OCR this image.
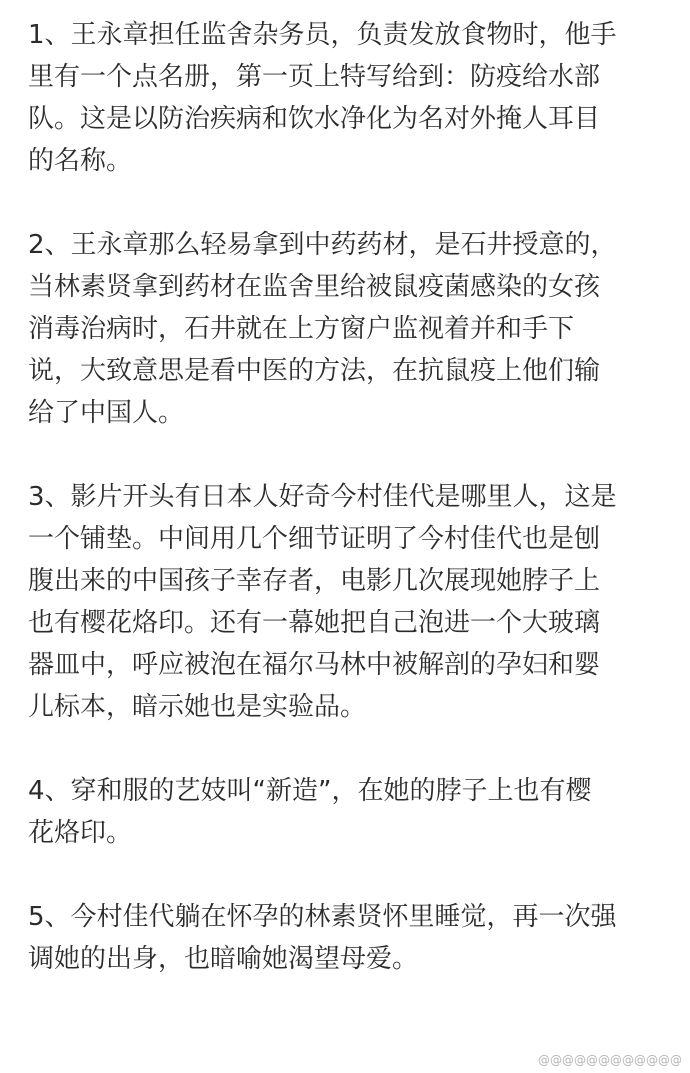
1、王永章担任监舍杂务员，负责发放食物时，他手
里有一个点名册，第一页上特写给到：防疫给水部
队。这是以防治疾病和饮水净化为名对外掩人耳目
的名称。
2、王永章那么轻易拿到中药药材，是石井授意的，
当林素贤拿到药材在监舍里给被鼠疫菌感染的女孩
消毒治病时，石井就在上方窗户监视着并和手下
说，大致意思是看中医的方法，在抗鼠疫上他们输
给了中国人。
3、影片开头有日本人好奇今村佳代是哪里人，这是
一个铺垫。中间用几个细节证明了今村佳代也是刨
腹出来的中国孩子幸存者，电影几次展现她脖子上
也有樱花烙印。还有一幕她把自己泡进一个大玻璃
器皿中，呼应被泡在福尔马林中被解剖的孕妇和婴
儿标本，暗示她也是实验品。
4、穿和服的艺妓叫“新造”，在她的脖子上也有樱
花烙印。
5、今村佳代躺在怀孕的林素贤怀里睡觉，再一次强
调她的出身，也暗喻她渴望母爱。
@@@@@@@@@@@@
